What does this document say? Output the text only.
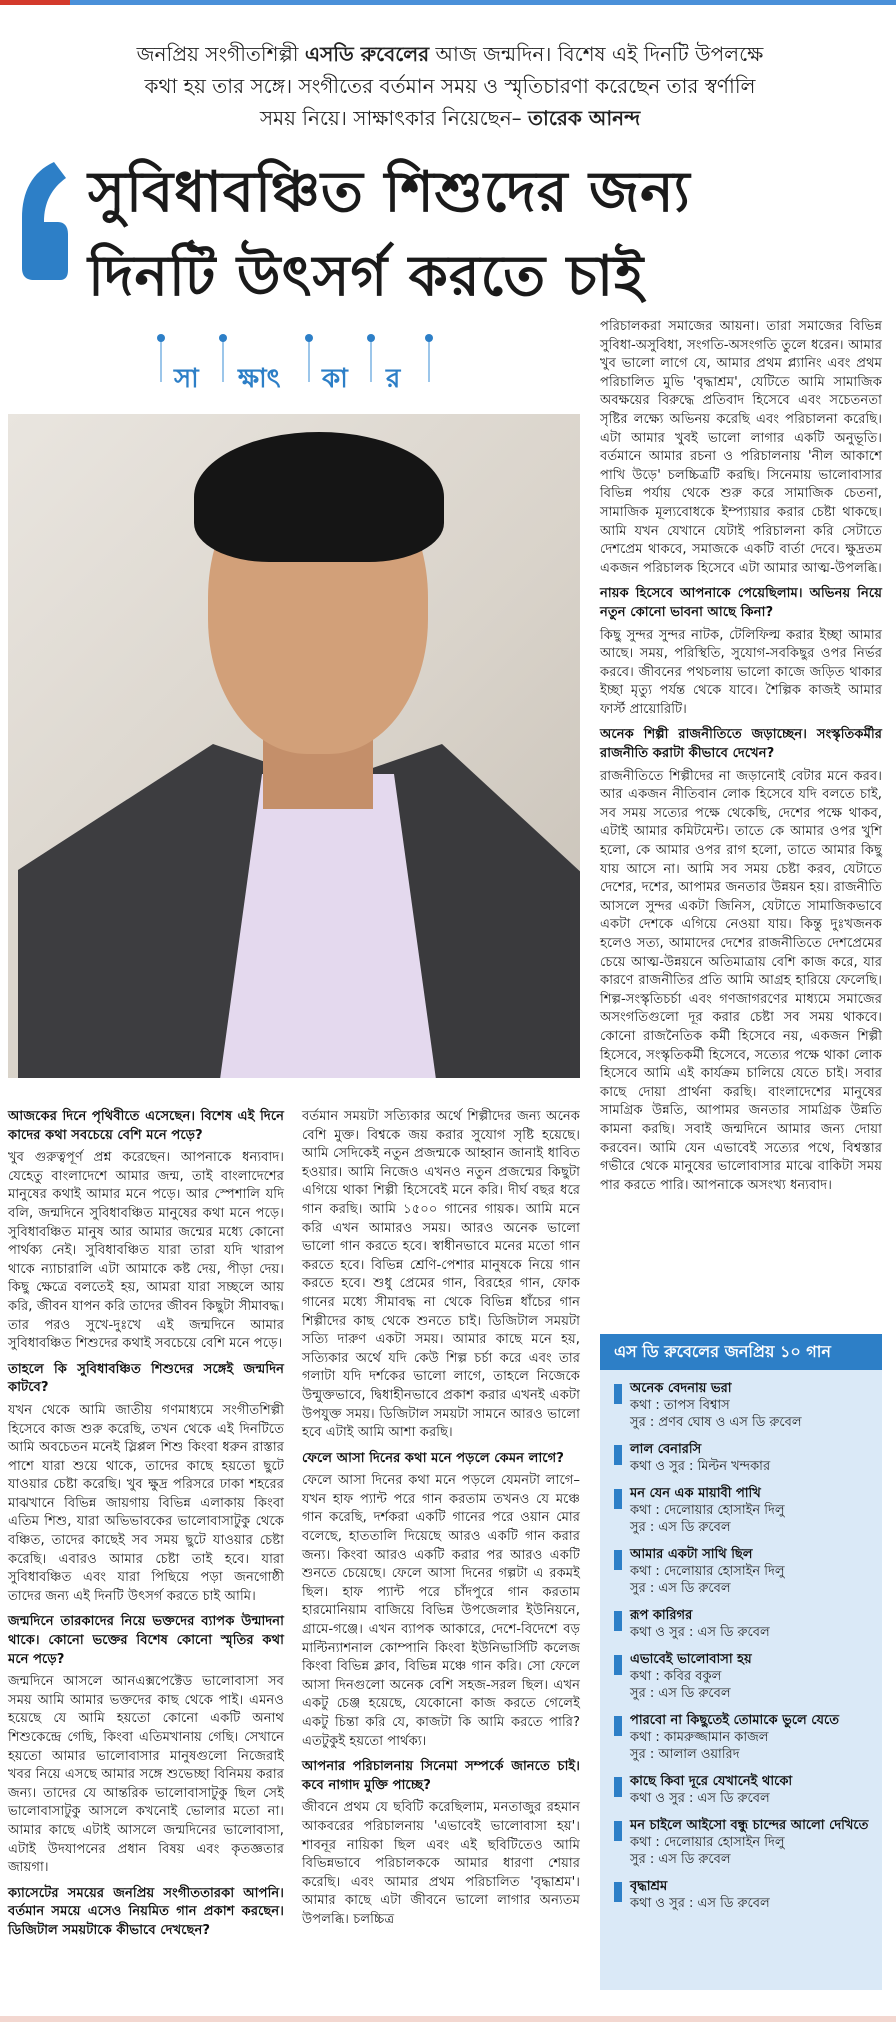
জনপ্রিয় সংগীতশিল্পী এসডি রুবেলের আজ জন্মদিন। বিশেষ এই দিনটি উপলক্ষে
কথা হয় তার সঙ্গে। সংগীতের বর্তমান সময় ও স্মৃতিচারণা করেছেন তার স্বর্ণালি
সময় নিয়ে। সাক্ষাৎকার নিয়েছেন– তারেক আনন্দ
সুবিধাবঞ্চিত শিশুদের জন্য
দিনটি উৎসর্গ করতে চাই
সা ক্ষাৎ কা র

পরিচালকরা সমাজের আয়না। তারা সমাজের বিভিন্ন সুবিধা-অসুবিধা, সংগতি-অসংগতি তুলে ধরেন। আমার খুব ভালো লাগে যে, আমার প্রথম প্ল্যানিং এবং প্রথম পরিচালিত মুভি 'বৃদ্ধাশ্রম', যেটিতে আমি সামাজিক অবক্ষয়ের বিরুদ্ধে প্রতিবাদ হিসেবে এবং সচেতনতা সৃষ্টির লক্ষ্যে অভিনয় করেছি এবং পরিচালনা করেছি। এটা আমার খুবই ভালো লাগার একটি অনুভূতি। বর্তমানে আমার রচনা ও পরিচালনায় 'নীল আকাশে পাখি উড়ে' চলচ্চিত্রটি করছি। সিনেমায় ভালোবাসার বিভিন্ন পর্যায় থেকে শুরু করে সামাজিক চেতনা, সামাজিক মূল্যবোধকে ইম্প্যায়ার করার চেষ্টা থাকছে। আমি যখন যেখানে যেটাই পরিচালনা করি সেটাতে দেশপ্রেম থাকবে, সমাজকে একটি বার্তা দেবে। ক্ষুদ্রতম একজন পরিচালক হিসেবে এটা আমার আত্ম-উপলব্ধি।

নায়ক হিসেবে আপনাকে পেয়েছিলাম। অভিনয় নিয়ে নতুন কোনো ভাবনা আছে কিনা?

কিছু সুন্দর সুন্দর নাটক, টেলিফিল্ম করার ইচ্ছা আমার আছে। সময়, পরিস্থিতি, সুযোগ-সবকিছুর ওপর নির্ভর করবে। জীবনের পথচলায় ভালো কাজে জড়িত থাকার ইচ্ছা মৃত্যু পর্যন্ত থেকে যাবে। শৈল্পিক কাজই আমার ফার্স্ট প্রায়োরিটি।

অনেক শিল্পী রাজনীতিতে জড়াচ্ছেন। সংস্কৃতিকর্মীর রাজনীতি করাটা কীভাবে দেখেন?

রাজনীতিতে শিল্পীদের না জড়ানোই বেটার মনে করব। আর একজন নীতিবান লোক হিসেবে যদি বলতে চাই, সব সময় সত্যের পক্ষে থেকেছি, দেশের পক্ষে থাকব, এটাই আমার কমিটমেন্ট। তাতে কে আমার ওপর খুশি হলো, কে আমার ওপর রাগ হলো, তাতে আমার কিছু যায় আসে না। আমি সব সময় চেষ্টা করব, যেটাতে দেশের, দশের, আপামর জনতার উন্নয়ন হয়। রাজনীতি আসলে সুন্দর একটা জিনিস, যেটাতে সামাজিকভাবে একটা দেশকে এগিয়ে নেওয়া যায়। কিন্তু দুঃখজনক হলেও সত্য, আমাদের দেশের রাজনীতিতে দেশপ্রেমের চেয়ে আত্ম-উন্নয়নে অতিমাত্রায় বেশি কাজ করে, যার কারণে রাজনীতির প্রতি আমি আগ্রহ হারিয়ে ফেলেছি। শিল্প-সংস্কৃতিচর্চা এবং গণজাগরণের মাধ্যমে সমাজের অসংগতিগুলো দূর করার চেষ্টা সব সময় থাকবে। কোনো রাজনৈতিক কর্মী হিসেবে নয়, একজন শিল্পী হিসেবে, সংস্কৃতিকর্মী হিসেবে, সত্যের পক্ষে থাকা লোক হিসেবে আমি এই কার্যক্রম চালিয়ে যেতে চাই। সবার কাছে দোয়া প্রার্থনা করছি। বাংলাদেশের মানুষের সামগ্রিক উন্নতি, আপামর জনতার সামগ্রিক উন্নতি কামনা করছি। সবাই জন্মদিনে আমার জন্য দোয়া করবেন। আমি যেন এভাবেই সত্যের পথে, বিশ্বস্তার গভীরে থেকে মানুষের ভালোবাসার মাঝে বাকিটা সময় পার করতে পারি। আপনাকে অসংখ্য ধন্যবাদ।

আজকের দিনে পৃথিবীতে এসেছেন। বিশেষ এই দিনে কাদের কথা সবচেয়ে বেশি মনে পড়ে?

খুব গুরুত্বপূর্ণ প্রশ্ন করেছেন। আপনাকে ধন্যবাদ। যেহেতু বাংলাদেশে আমার জন্ম, তাই বাংলাদেশের মানুষের কথাই আমার মনে পড়ে। আর স্পেশালি যদি বলি, জন্মদিনে সুবিধাবঞ্চিত মানুষের কথা মনে পড়ে। সুবিধাবঞ্চিত মানুষ আর আমার জন্মের মধ্যে কোনো পার্থক্য নেই। সুবিধাবঞ্চিত যারা তারা যদি খারাপ থাকে ন্যাচারালি এটা আমাকে কষ্ট দেয়, পীড়া দেয়। কিছু ক্ষেত্রে বলতেই হয়, আমরা যারা সচ্ছলে আয় করি, জীবন যাপন করি তাদের জীবন কিছুটা সীমাবদ্ধ। তার পরও সুখে-দুঃখে এই জন্মদিনে আমার সুবিধাবঞ্চিত শিশুদের কথাই সবচেয়ে বেশি মনে পড়ে।

তাহলে কি সুবিধাবঞ্চিত শিশুদের সঙ্গেই জন্মদিন কাটবে?

যখন থেকে আমি জাতীয় গণমাধ্যমে সংগীতশিল্পী হিসেবে কাজ শুরু করেছি, তখন থেকে এই দিনটিতে আমি অবচেতন মনেই স্লিপ্পল শিশু কিংবা ধরুন রাস্তার পাশে যারা শুয়ে থাকে, তাদের কাছে হয়তো ছুটে যাওয়ার চেষ্টা করেছি। খুব ক্ষুদ্র পরিসরে ঢাকা শহরের মাঝখানে বিভিন্ন জায়গায় বিভিন্ন এলাকায় কিংবা এতিম শিশু, যারা অভিভাবকের ভালোবাসাটুকু থেকে বঞ্চিত, তাদের কাছেই সব সময় ছুটে যাওয়ার চেষ্টা করেছি। এবারও আমার চেষ্টা তাই হবে। যারা সুবিধাবঞ্চিত এবং যারা পিছিয়ে পড়া জনগোষ্ঠী তাদের জন্য এই দিনটি উৎসর্গ করতে চাই আমি।

জন্মদিনে তারকাদের নিয়ে ভক্তদের ব্যাপক উন্মাদনা থাকে। কোনো ভক্তের বিশেষ কোনো স্মৃতির কথা মনে পড়ে?

জন্মদিনে আসলে আনএক্সপেক্টেড ভালোবাসা সব সময় আমি আমার ভক্তদের কাছ থেকে পাই। এমনও হয়েছে যে আমি হয়তো কোনো একটি অনাথ শিশুকেন্দ্রে গেছি, কিংবা এতিমখানায় গেছি। সেখানে হয়তো আমার ভালোবাসার মানুষগুলো নিজেরাই খবর নিয়ে এসছে আমার সঙ্গে শুভেচ্ছা বিনিময় করার জন্য। তাদের যে আন্তরিক ভালোবাসাটুকু ছিল সেই ভালোবাসাটুকু আসলে কখনোই ভোলার মতো না। আমার কাছে এটাই আসলে জন্মদিনের ভালোবাসা, এটাই উদযাপনের প্রধান বিষয় এবং কৃতজ্ঞতার জায়গা।

ক্যাসেটের সময়ের জনপ্রিয় সংগীততারকা আপনি। বর্তমান সময়ে এসেও নিয়মিত গান প্রকাশ করছেন। ডিজিটাল সময়টাকে কীভাবে দেখছেন?

বর্তমান সময়টা সত্যিকার অর্থে শিল্পীদের জন্য অনেক বেশি মুক্ত। বিশ্বকে জয় করার সুযোগ সৃষ্টি হয়েছে। আমি সেদিকেই নতুন প্রজন্মকে আহ্বান জানাই ধাবিত হওয়ার। আমি নিজেও এখনও নতুন প্রজন্মের কিছুটা এগিয়ে থাকা শিল্পী হিসেবেই মনে করি। দীর্ঘ বছর ধরে গান করছি। আমি ১৫০০ গানের গায়ক। আমি মনে করি এখন আমারও সময়। আরও অনেক ভালো ভালো গান করতে হবে। স্বাধীনভাবে মনের মতো গান করতে হবে। বিভিন্ন শ্রেণি-পেশার মানুষকে নিয়ে গান করতে হবে। শুধু প্রেমের গান, বিরহের গান, ফোক গানের মধ্যে সীমাবদ্ধ না থেকে বিভিন্ন ধাঁচের গান শিল্পীদের কাছ থেকে শুনতে চাই। ডিজিটাল সময়টা সত্যি দারুণ একটা সময়। আমার কাছে মনে হয়, সত্যিকার অর্থে যদি কেউ শিল্প চর্চা করে এবং তার গলাটা যদি দর্শকের ভালো লাগে, তাহলে নিজেকে উন্মুক্তভাবে, দ্বিধাহীনভাবে প্রকাশ করার এখনই একটা উপযুক্ত সময়। ডিজিটাল সময়টা সামনে আরও ভালো হবে এটাই আমি আশা করছি।

ফেলে আসা দিনের কথা মনে পড়লে কেমন লাগে?

ফেলে আসা দিনের কথা মনে পড়লে যেমনটা লাগে– যখন হাফ প্যান্ট পরে গান করতাম তখনও যে মঞ্চে গান করেছি, দর্শকরা একটি গানের পরে ওয়ান মোর বলেছে, হাততালি দিয়েছে আরও একটি গান করার জন্য। কিংবা আরও একটি করার পর আরও একটি শুনতে চেয়েছে। ফেলে আসা দিনের গল্পটা এ রকমই ছিল। হাফ প্যান্ট পরে চাঁদপুরে গান করতাম হারমোনিয়াম বাজিয়ে বিভিন্ন উপজেলার ইউনিয়নে, গ্রামে-গঞ্জে। এখন ব্যাপক আকারে, দেশে-বিদেশে বড় মাল্টিন্যাশনাল কোম্পানি কিংবা ইউনিভার্সিটি কলেজ কিংবা বিভিন্ন ক্লাব, বিভিন্ন মঞ্চে গান করি। সো ফেলে আসা দিনগুলো অনেক বেশি সহজ-সরল ছিল। এখন একটু চেঞ্জ হয়েছে, যেকোনো কাজ করতে গেলেই একটু চিন্তা করি যে, কাজটা কি আমি করতে পারি? এতটুকুই হয়তো পার্থক্য।

আপনার পরিচালনায় সিনেমা সম্পর্কে জানতে চাই। কবে নাগাদ মুক্তি পাচ্ছে?

জীবনে প্রথম যে ছবিটি করেছিলাম, মনতাজুর রহমান আকবরের পরিচালনায় 'এভাবেই ভালোবাসা হয়'। শাবনূর নায়িকা ছিল এবং এই ছবিটিতেও আমি বিভিন্নভাবে পরিচালককে আমার ধারণা শেয়ার করেছি। এবং আমার প্রথম পরিচালিত 'বৃদ্ধাশ্রম'। আমার কাছে এটা জীবনে ভালো লাগার অন্যতম উপলব্ধি। চলচ্চিত্র

এস ডি রুবেলের জনপ্রিয় ১০ গান
অনেক বেদনায় ভরা
কথা : তাপস বিশ্বাস
সুর : প্রণব ঘোষ ও এস ডি রুবেল
লাল বেনারসি
কথা ও সুর : মিল্টন খন্দকার
মন যেন এক মায়াবী পাখি
কথা : দেলোয়ার হোসাইন দিলু
সুর : এস ডি রুবেল
আমার একটা সাথি ছিল
কথা : দেলোয়ার হোসাইন দিলু
সুর : এস ডি রুবেল
রূপ কারিগর
কথা ও সুর : এস ডি রুবেল
এভাবেই ভালোবাসা হয়
কথা : কবির বকুল
সুর : এস ডি রুবেল
পারবো না কিছুতেই তোমাকে ভুলে যেতে
কথা : কামরুজ্জামান কাজল
সুর : আলাল ওয়ারিদ
কাছে কিবা দূরে যেখানেই থাকো
কথা ও সুর : এস ডি রুবেল
মন চাইলে আইসো বন্ধু চান্দের আলো দেখিতে
কথা : দেলোয়ার হোসাইন দিলু
সুর : এস ডি রুবেল
বৃদ্ধাশ্রম
কথা ও সুর : এস ডি রুবেল
